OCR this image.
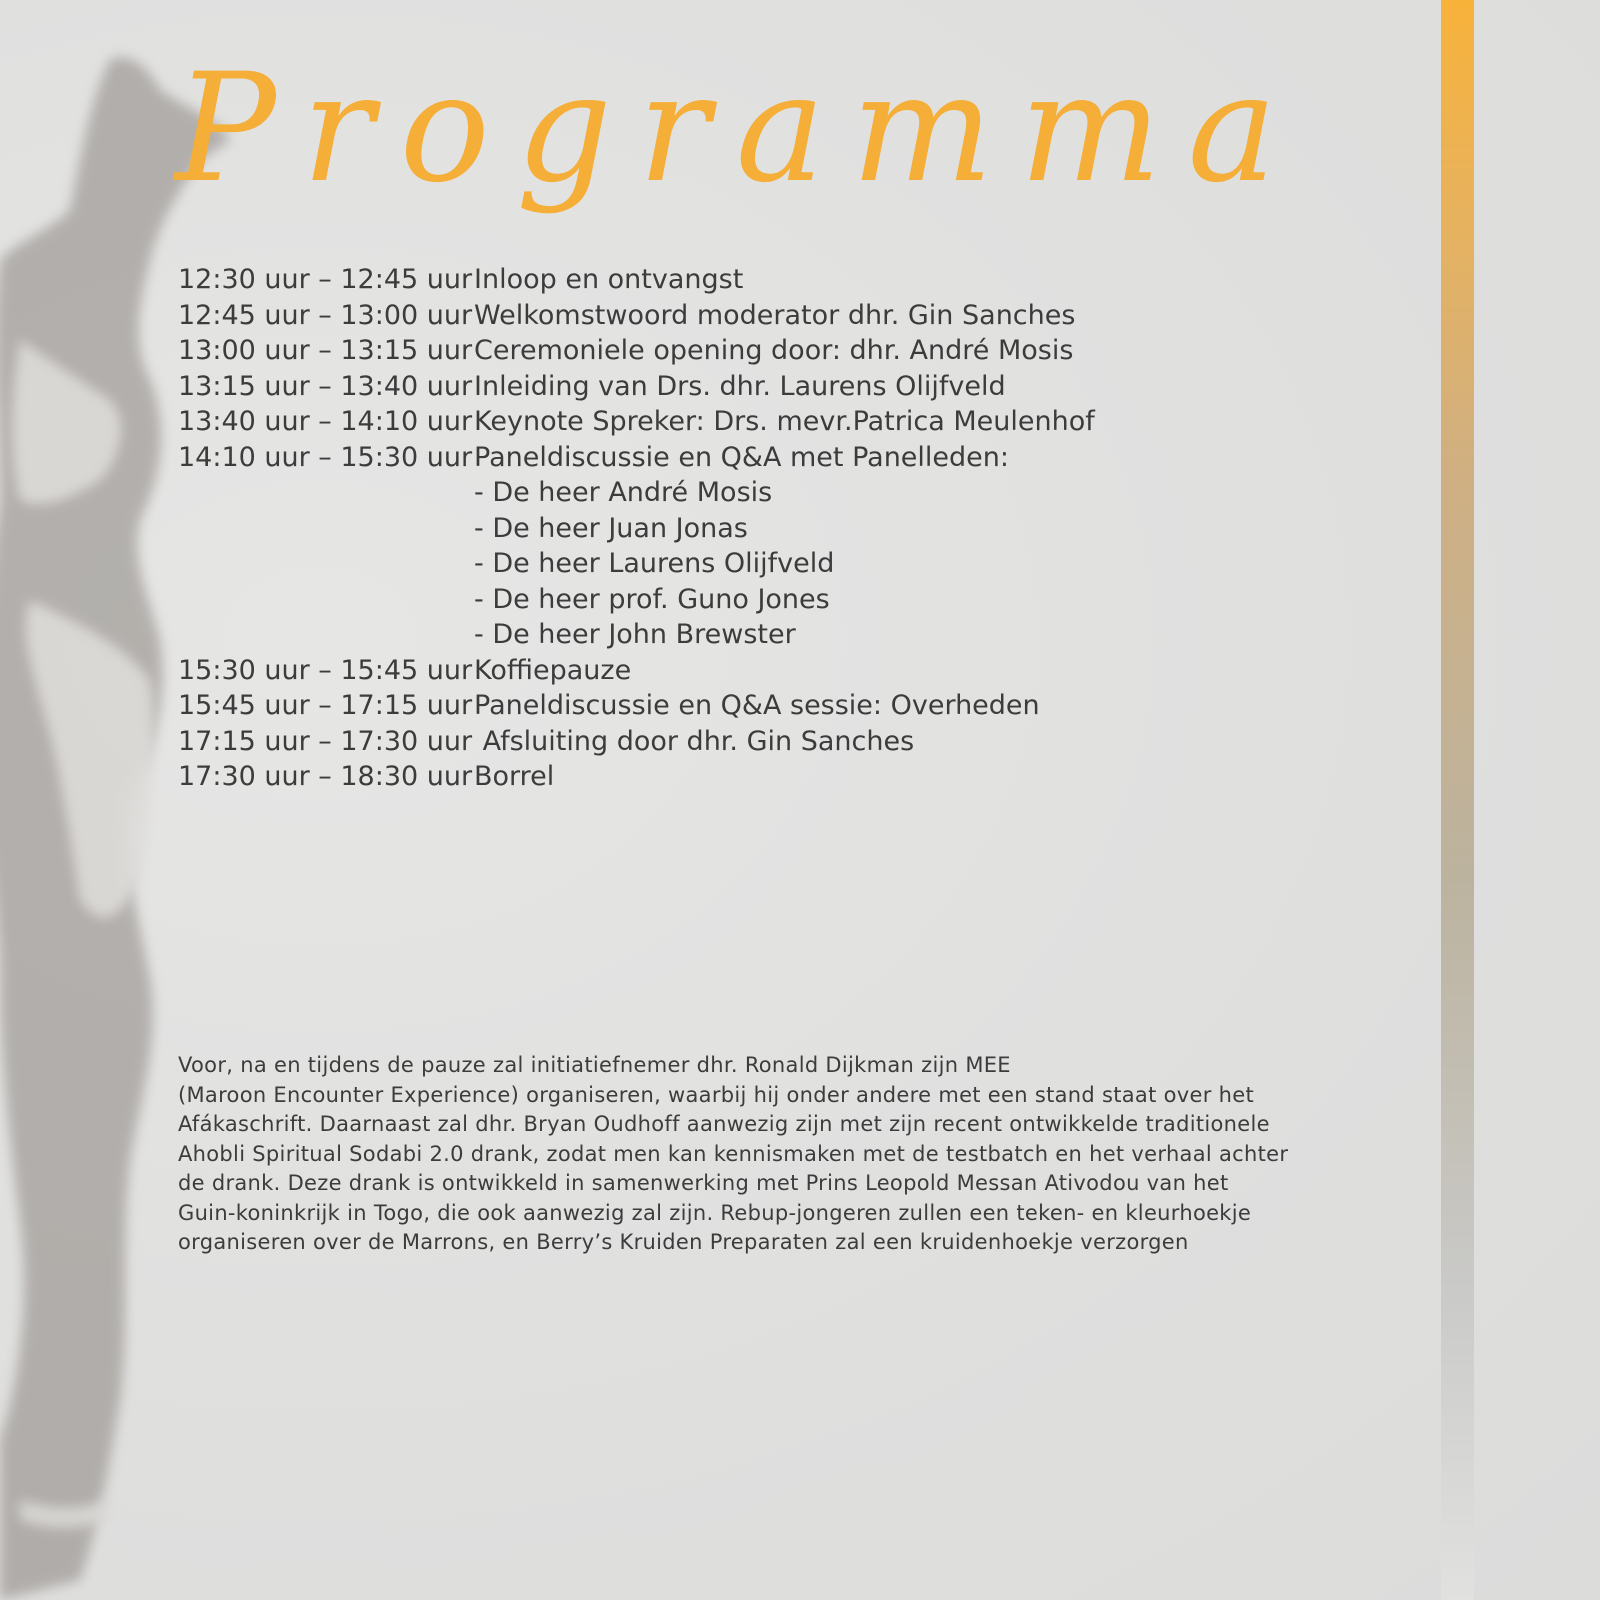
Programma
12:30 uur – 12:45 uur Inloop en ontvangst
12:45 uur – 13:00 uur Welkomstwoord moderator dhr. Gin Sanches
13:00 uur – 13:15 uur Ceremoniele opening door: dhr. André Mosis
13:15 uur – 13:40 uur Inleiding van Drs. dhr. Laurens Olijfveld
13:40 uur – 14:10 uur Keynote Spreker: Drs. mevr.Patrica Meulenhof
14:10 uur – 15:30 uur Paneldiscussie en Q&A met Panelleden:
- De heer André Mosis
- De heer Juan Jonas
- De heer Laurens Olijfveld
- De heer prof. Guno Jones
- De heer John Brewster
15:30 uur – 15:45 uur Koffiepauze
15:45 uur – 17:15 uur Paneldiscussie en Q&A sessie: Overheden
17:15 uur – 17:30 uur Afsluiting door dhr. Gin Sanches
17:30 uur – 18:30 uur Borrel
Voor, na en tijdens de pauze zal initiatiefnemer dhr. Ronald Dijkman zijn MEE
(Maroon Encounter Experience) organiseren, waarbij hij onder andere met een stand staat over het
Afákaschrift. Daarnaast zal dhr. Bryan Oudhoff aanwezig zijn met zijn recent ontwikkelde traditionele
Ahobli Spiritual Sodabi 2.0 drank, zodat men kan kennismaken met de testbatch en het verhaal achter
de drank. Deze drank is ontwikkeld in samenwerking met Prins Leopold Messan Ativodou van het
Guin-koninkrijk in Togo, die ook aanwezig zal zijn. Rebup-jongeren zullen een teken- en kleurhoekje
organiseren over de Marrons, en Berry’s Kruiden Preparaten zal een kruidenhoekje verzorgen
